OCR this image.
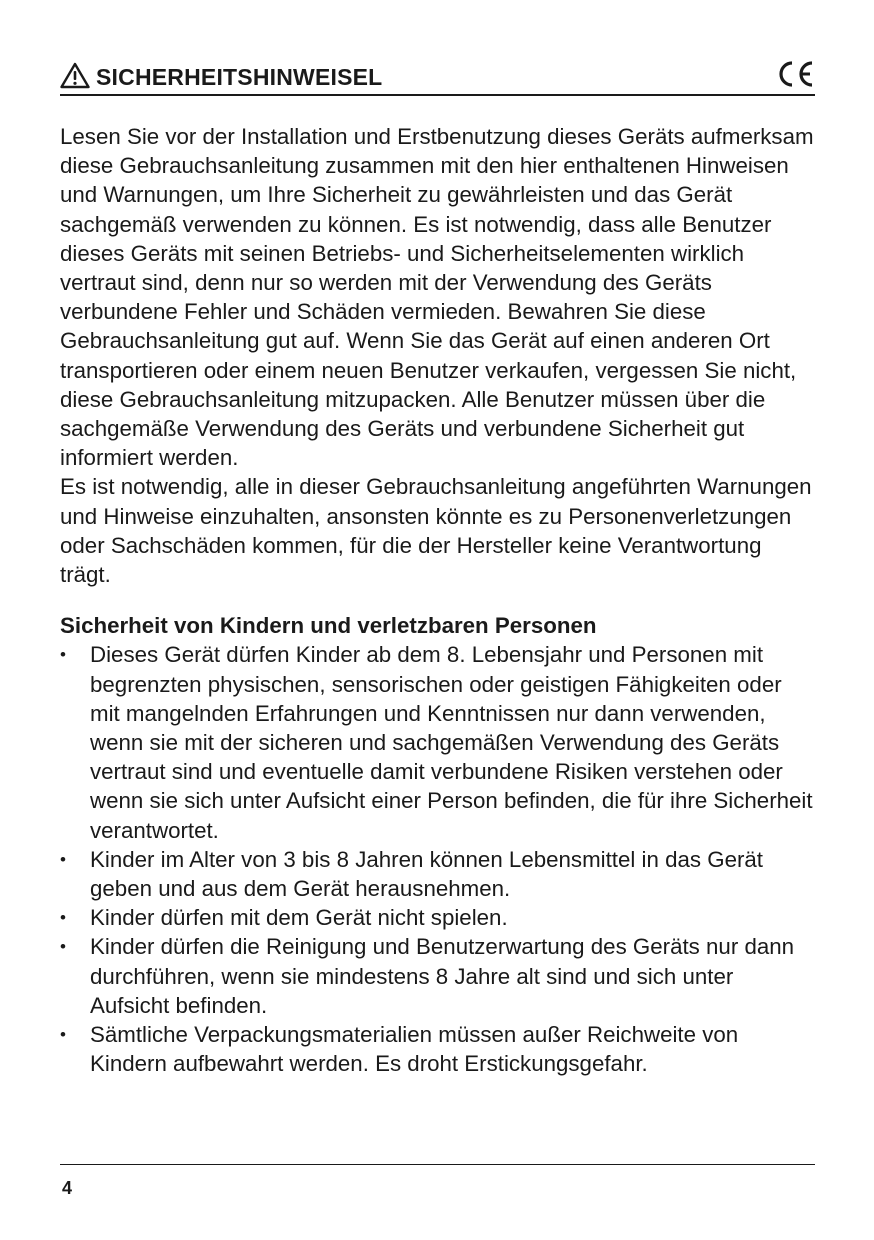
SICHERHEITSHINWEISEL

Lesen Sie vor der Installation und Erstbenutzung dieses Geräts aufmerksam diese Gebrauchsanleitung zusammen mit den hier enthaltenen Hinweisen und Warnungen, um Ihre Sicherheit zu gewährleisten und das Gerät sachgemäß verwenden zu können. Es ist notwendig, dass alle Benutzer dieses Geräts mit seinen Betriebs- und Sicherheitselementen wirklich vertraut sind, denn nur so werden mit der Verwendung des Geräts verbundene Fehler und Schäden vermieden. Bewahren Sie diese Gebrauchsanleitung gut auf. Wenn Sie das Gerät auf einen anderen Ort transportieren oder einem neuen Benutzer verkaufen, vergessen Sie nicht, diese Gebrauchsanleitung mitzupacken. Alle Benutzer müssen über die sachgemäße Verwendung des Geräts und verbundene Sicherheit gut informiert werden.

Es ist notwendig, alle in dieser Gebrauchsanleitung angeführten Warnungen und Hinweise einzuhalten, ansonsten könnte es zu Personenverletzungen oder Sachschäden kommen, für die der Hersteller keine Verantwortung trägt.

Sicherheit von Kindern und verletzbaren Personen
• Dieses Gerät dürfen Kinder ab dem 8. Lebensjahr und Personen mit begrenzten physischen, sensorischen oder geistigen Fähigkeiten oder mit mangelnden Erfahrungen und Kenntnissen nur dann verwenden, wenn sie mit der sicheren und sachgemäßen Verwendung des Geräts vertraut sind und eventuelle damit verbundene Risiken verstehen oder wenn sie sich unter Aufsicht einer Person befinden, die für ihre Sicherheit verantwortet.
• Kinder im Alter von 3 bis 8 Jahren können Lebensmittel in das Gerät geben und aus dem Gerät herausnehmen.
• Kinder dürfen mit dem Gerät nicht spielen.
• Kinder dürfen die Reinigung und Benutzerwartung des Geräts nur dann durchführen, wenn sie mindestens 8 Jahre alt sind und sich unter Aufsicht befinden.
• Sämtliche Verpackungsmaterialien müssen außer Reichweite von Kindern aufbewahrt werden. Es droht Erstickungsgefahr.
4
